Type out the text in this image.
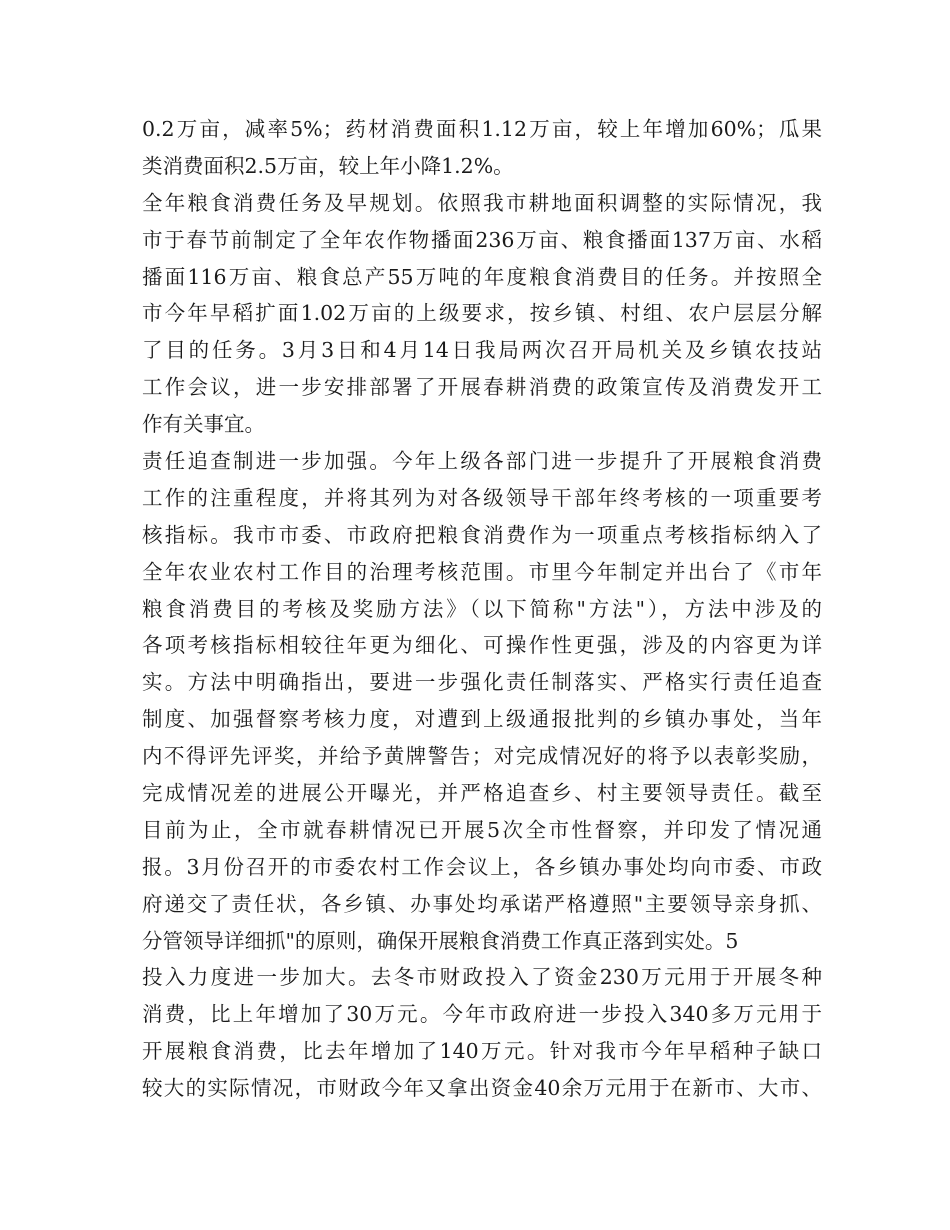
0.2万亩，减率5%；药材消费面积1.12万亩，较上年增加60%；瓜果
类消费面积2.5万亩，较上年小降1.2%。
全年粮食消费任务及早规划。依照我市耕地面积调整的实际情况，我
市于春节前制定了全年农作物播面236万亩、粮食播面137万亩、水稻
播面116万亩、粮食总产55万吨的年度粮食消费目的任务。并按照全
市今年早稻扩面1.02万亩的上级要求，按乡镇、村组、农户层层分解
了目的任务。3月3日和4月14日我局两次召开局机关及乡镇农技站
工作会议，进一步安排部署了开展春耕消费的政策宣传及消费发开工
作有关事宜。
责任追查制进一步加强。今年上级各部门进一步提升了开展粮食消费
工作的注重程度，并将其列为对各级领导干部年终考核的一项重要考
核指标。我市市委、市政府把粮食消费作为一项重点考核指标纳入了
全年农业农村工作目的治理考核范围。市里今年制定并出台了《市年
粮食消费目的考核及奖励方法》（以下简称"方法"），方法中涉及的
各项考核指标相较往年更为细化、可操作性更强，涉及的内容更为详
实。方法中明确指出，要进一步强化责任制落实、严格实行责任追查
制度、加强督察考核力度，对遭到上级通报批判的乡镇办事处，当年
内不得评先评奖，并给予黄牌警告；对完成情况好的将予以表彰奖励，
完成情况差的进展公开曝光，并严格追查乡、村主要领导责任。截至
目前为止，全市就春耕情况已开展5次全市性督察，并印发了情况通
报。3月份召开的市委农村工作会议上，各乡镇办事处均向市委、市政
府递交了责任状，各乡镇、办事处均承诺严格遵照"主要领导亲身抓、
分管领导详细抓"的原则，确保开展粮食消费工作真正落到实处。5
投入力度进一步加大。去冬市财政投入了资金230万元用于开展冬种
消费，比上年增加了30万元。今年市政府进一步投入340多万元用于
开展粮食消费，比去年增加了140万元。针对我市今年早稻种子缺口
较大的实际情况，市财政今年又拿出资金40余万元用于在新市、大市、
